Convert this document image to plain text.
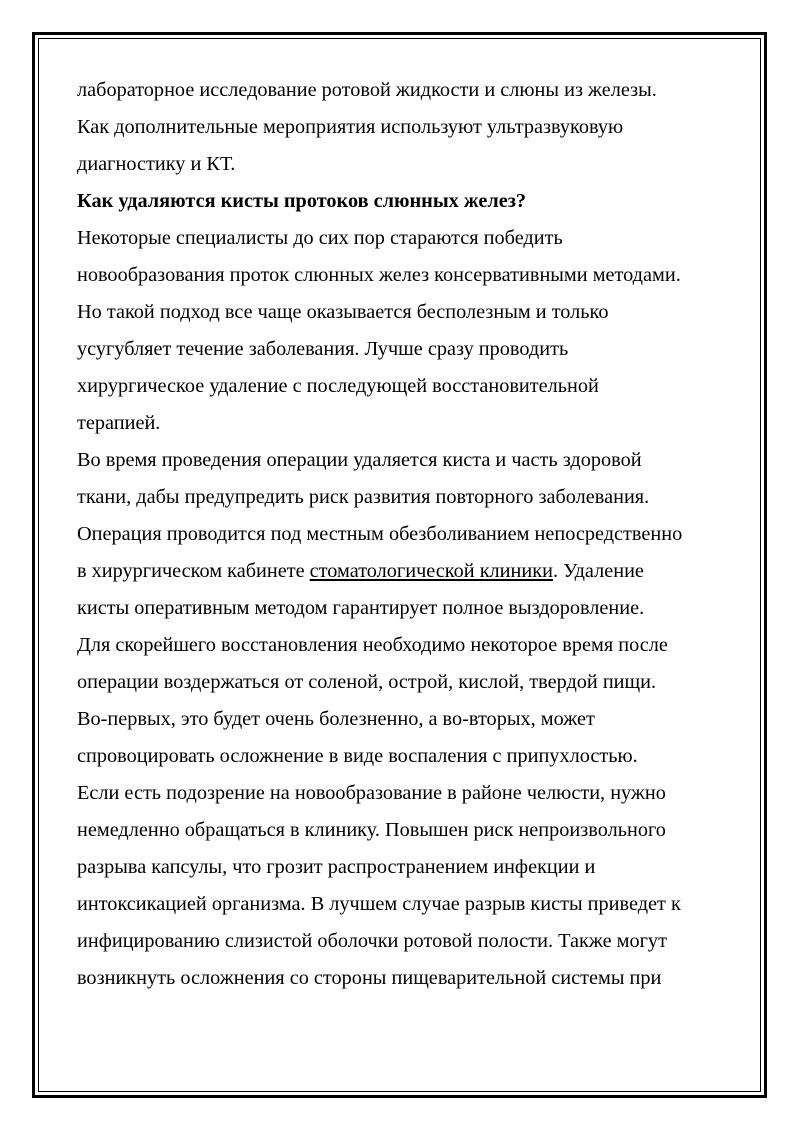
лабораторное исследование ротовой жидкости и слюны из железы.
Как дополнительные мероприятия используют ультразвуковую
диагностику и КТ.

Как удаляются кисты протоков слюнных желез?

Некоторые специалисты до сих пор стараются победить
новообразования проток слюнных желез консервативными методами.
Но такой подход все чаще оказывается бесполезным и только
усугубляет течение заболевания. Лучше сразу проводить
хирургическое удаление с последующей восстановительной
терапией.

Во время проведения операции удаляется киста и часть здоровой
ткани, дабы предупредить риск развития повторного заболевания.
Операция проводится под местным обезболиванием непосредственно
в хирургическом кабинете стоматологической клиники. Удаление
кисты оперативным методом гарантирует полное выздоровление.

Для скорейшего восстановления необходимо некоторое время после
операции воздержаться от соленой, острой, кислой, твердой пищи.
Во-первых, это будет очень болезненно, а во-вторых, может
спровоцировать осложнение в виде воспаления с припухлостью.

Если есть подозрение на новообразование в районе челюсти, нужно
немедленно обращаться в клинику. Повышен риск непроизвольного
разрыва капсулы, что грозит распространением инфекции и
интоксикацией организма. В лучшем случае разрыв кисты приведет к
инфицированию слизистой оболочки ротовой полости. Также могут
возникнуть осложнения со стороны пищеварительной системы при
